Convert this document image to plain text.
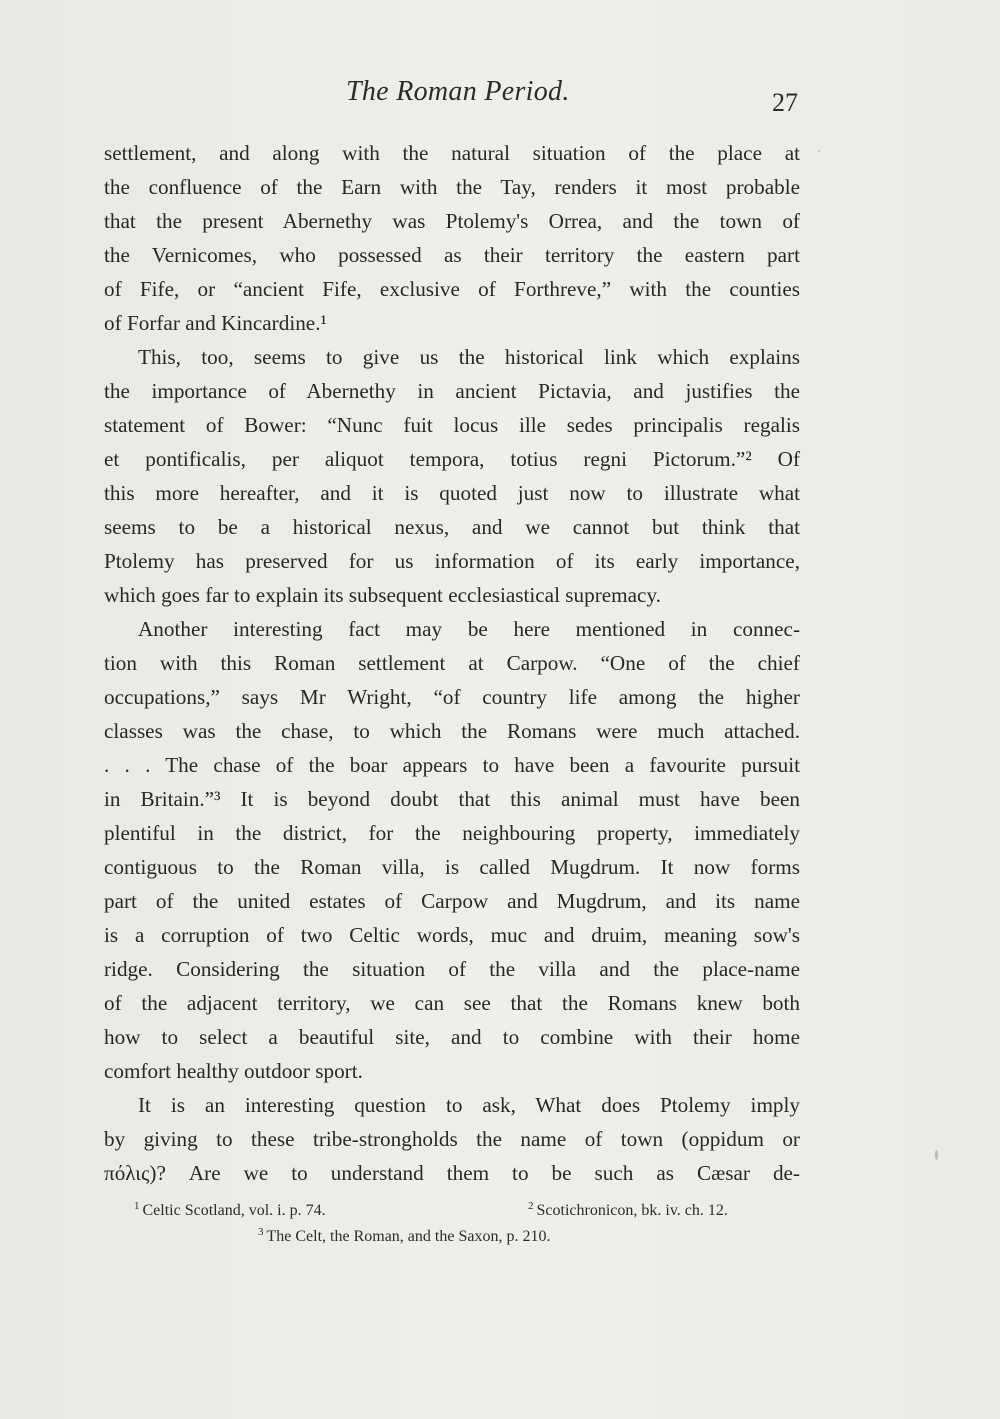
The Roman Period.	27
settlement, and along with the natural situation of the place at
the confluence of the Earn with the Tay, renders it most probable
that the present Abernethy was Ptolemy's Orrea, and the town of
the Vernicomes, who possessed as their territory the eastern part
of Fife, or “ancient Fife, exclusive of Forthreve,” with the counties
of Forfar and Kincardine.¹
This, too, seems to give us the historical link which explains
the importance of Abernethy in ancient Pictavia, and justifies the
statement of Bower: “Nunc fuit locus ille sedes principalis regalis
et pontificalis, per aliquot tempora, totius regni Pictorum.”² Of
this more hereafter, and it is quoted just now to illustrate what
seems to be a historical nexus, and we cannot but think that
Ptolemy has preserved for us information of its early importance,
which goes far to explain its subsequent ecclesiastical supremacy.
Another interesting fact may be here mentioned in connec-
tion with this Roman settlement at Carpow. “One of the chief
occupations,” says Mr Wright, “of country life among the higher
classes was the chase, to which the Romans were much attached.
. . . The chase of the boar appears to have been a favourite pursuit
in Britain.”³ It is beyond doubt that this animal must have been
plentiful in the district, for the neighbouring property, immediately
contiguous to the Roman villa, is called Mugdrum. It now forms
part of the united estates of Carpow and Mugdrum, and its name
is a corruption of two Celtic words, muc and druim, meaning sow's
ridge. Considering the situation of the villa and the place-name
of the adjacent territory, we can see that the Romans knew both
how to select a beautiful site, and to combine with their home
comfort healthy outdoor sport.
It is an interesting question to ask, What does Ptolemy imply
by giving to these tribe-strongholds the name of town (oppidum or
πόλις)? Are we to understand them to be such as Cæsar de-
$^1$ Celtic Scotland, vol. i. p. 74.	$^2$ Scotichronicon, bk. iv. ch. 12.
$^3$ The Celt, the Roman, and the Saxon, p. 210.
